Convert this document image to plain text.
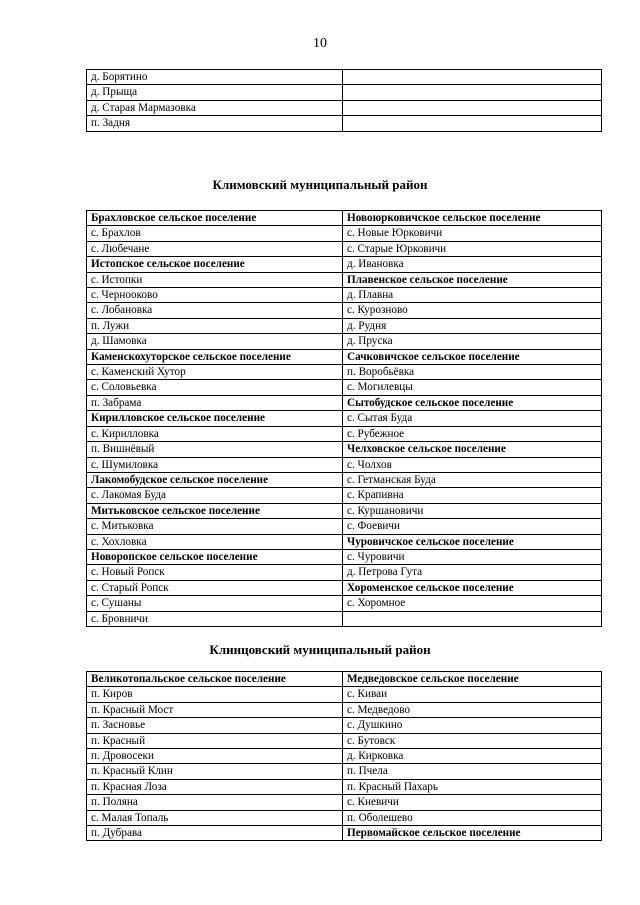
10
д. Борятино	
д. Прыща	
д. Старая Мармазовка	
п. Задня	
Климовский муниципальный район
Брахловское сельское поселение	Новоюрковичское сельское поселение
с. Брахлов	с. Новые Юрковичи
с. Любечане	с. Старые Юрковичи
Истопское сельское поселение	д. Ивановка
с. Истопки	Плавенское сельское поселение
с. Чернооково	д. Плавна
с. Лобановка	с. Курозново
п. Лужи	д. Рудня
д. Шамовка	д. Пруска
Каменскохуторское сельское поселение	Сачковичское сельское поселение
с. Каменский Хутор	п. Воробьёвка
с. Соловьевка	с. Могилевцы
п. Забрама	Сытобудское сельское поселение
Кирилловское сельское поселение	с. Сытая Буда
с. Кирилловка	с. Рубежное
п. Вишнёвый	Челховское сельское поселение
с. Шумиловка	с. Чолхов
Лакомобудское сельское поселение	с. Гетманская Буда
с. Лакомая Буда	с. Крапивна
Митьковское сельское поселение	с. Куршановичи
с. Митьковка	с. Фоевичи
с. Хохловка	Чуровичское сельское поселение
Новоропское сельское поселение	с. Чуровичи
с. Новый Ропск	д. Петрова Гута
с. Старый Ропск	Хороменское сельское поселение
с. Сушаны	с. Хоромное
с. Бровничи	
Клинцовский муниципальный район
Великотопальское сельское поселение	Медведовское сельское поселение
п. Киров	с. Киваи
п. Красный Мост	с. Медведово
п. Засновье	с. Душкино
п. Красный	с. Бутовск
п. Дровосеки	д. Кирковка
п. Красный Клин	п. Пчела
п. Красная Лоза	п. Красный Пахарь
п. Поляна	с. Кневичи
с. Малая Топаль	п. Оболешево
п. Дубрава	Первомайское сельское поселение
